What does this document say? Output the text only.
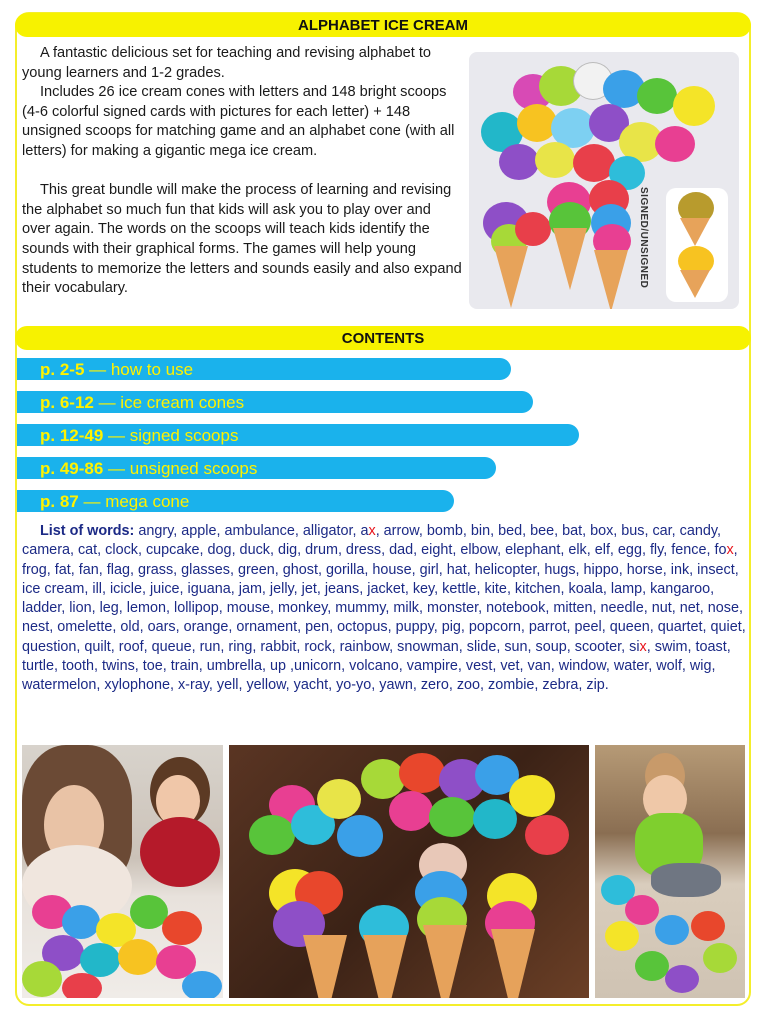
ALPHABET ICE CREAM

A fantastic delicious set for teaching and revising alphabet to young learners and 1-2 grades.

Includes 26 ice cream cones with letters and 148 bright scoops (4-6 colorful signed cards with pictures for each letter) + 148 unsigned scoops for matching game and an alphabet cone (with all letters) for making a gigantic mega ice cream.

This great bundle will make the process of learning and revising the alphabet so much fun that kids will ask you to play over and over again. The words on the scoops will teach kids identify the sounds with their graphical forms. The games will help young students to memorize the letters and sounds easily and also expand their vocabulary.	SIGNED/UNSIGNED
CONTENTS
p. 2-5 — how to use
p. 6-12 — ice cream cones
p. 12-49 — signed scoops
p. 49-86 — unsigned scoops
p. 87 — mega cone
List of words: angry, apple, ambulance, alligator, ax, arrow, bomb, bin, bed, bee, bat, box, bus, car, candy, camera, cat, clock, cupcake, dog, duck, dig, drum, dress, dad, eight, elbow, elephant, elk, elf, egg, fly, fence, fox, frog, fat, fan, flag, grass, glasses, green, ghost, gorilla, house, girl, hat, helicopter, hugs, hippo, horse, ink, insect, ice cream, ill, icicle, juice, iguana, jam, jelly, jet, jeans, jacket, key, kettle, kite, kitchen, koala, lamp, kangaroo, ladder, lion, leg, lemon, lollipop, mouse, monkey, mummy, milk, monster, notebook, mitten, needle, nut, net, nose, nest, omelette, old, oars, orange, ornament, pen, octopus, puppy, pig, popcorn, parrot, peel, queen, quartet, quiet, question, quilt, roof, queue, run, ring, rabbit, rock, rainbow, snowman, slide, sun, soup, scooter, six, swim, toast, turtle, tooth, twins, toe, train, umbrella, up ,unicorn, volcano, vampire, vest, vet, van, window, water, wolf, wig, watermelon, xylophone, x-ray, yell, yellow, yacht, yo-yo, yawn, zero, zoo, zombie, zebra, zip.
